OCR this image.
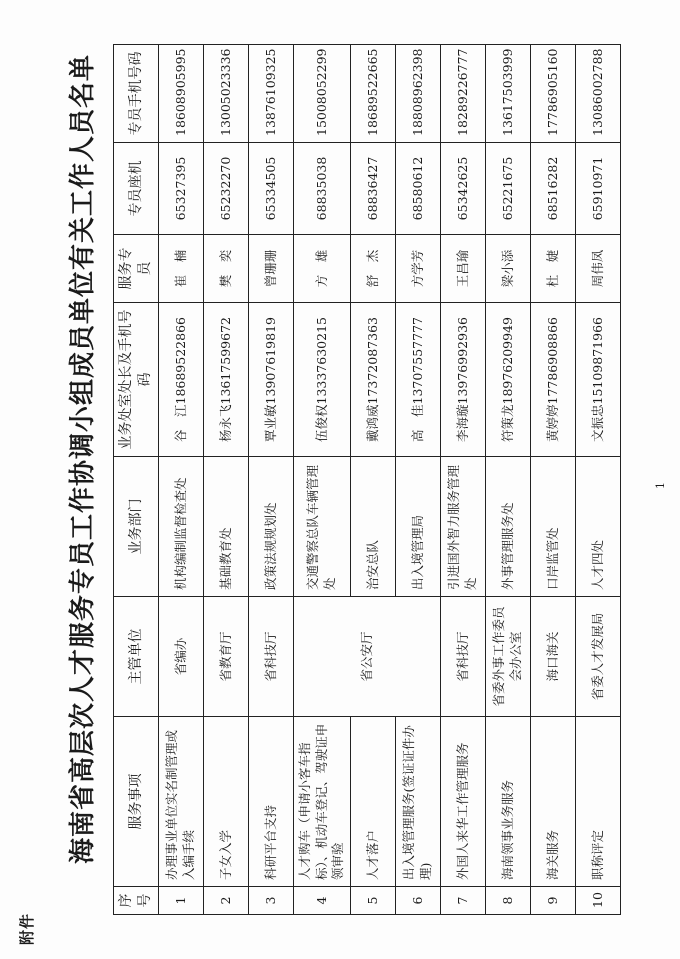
附件
海南省高层次人才服务专员工作协调小组成员单位有关工作人员名单
序号	服务事项	主管单位	业务部门	业务处室处长及手机号码	服务专员	专员座机	专员手机号码
1	办理事业单位实名制管理或入编手续	省编办	机构编制监督检查处	谷　江18689522866	崔　楠	65327395	18608905995
2	子女入学	省教育厅	基础教育处	杨永飞13617599672	樊　奕	65232270	13005023336
3	科研平台支持	省科技厅	政策法规规划处	覃业敏13907619819	曾珊珊	65334505	13876109325
4	人才购车（申请小客车指标）、机动车登记、驾驶证申领审验	省公安厅	交通警察总队车辆管理处	伍俊权13337630215	方　雄	68835038	15008052299
5	人才落户		治安总队	戴鸿威17372087363	舒　杰	68836427	18689522665
6	出入境管理服务(签证证件办理)		出入境管理局	高　佳13707557777	方学芳	68580612	18808962398
7	外国人来华工作管理服务	省科技厅	引进国外智力服务管理处	李海璇13976992936	王昌瑜	65342625	18289226777
8	海南领事业务服务	省委外事工作委员会办公室	外事管理服务处	符策龙18976209949	梁小添	65221675	13617503999
9	海关服务	海口海关	口岸监管处	黄婷婷17786908866	杜　婕	68516282	17786905160
10	职称评定	省委人才发展局	人才四处	文振忠15109871966	周伟凤	65910971	13086002788
1
